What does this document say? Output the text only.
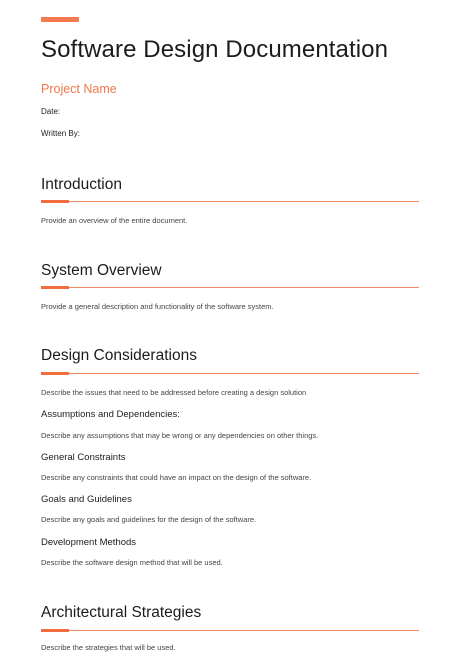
Software Design Documentation
Project Name
Date:
Written By:
Introduction
Provide an overview of the entire document.
System Overview
Provide a general description and functionality of the software system.
Design Considerations
Describe the issues that need to be addressed before creating a design solution
Assumptions and Dependencies:
Describe any assumptions that may be wrong or any dependencies on other things.
General Constraints
Describe any constraints that could have an impact on the design of the software.
Goals and Guidelines
Describe any goals and guidelines for the design of the software.
Development Methods
Describe the software design method that will be used.
Architectural Strategies
Describe the strategies that will be used.
